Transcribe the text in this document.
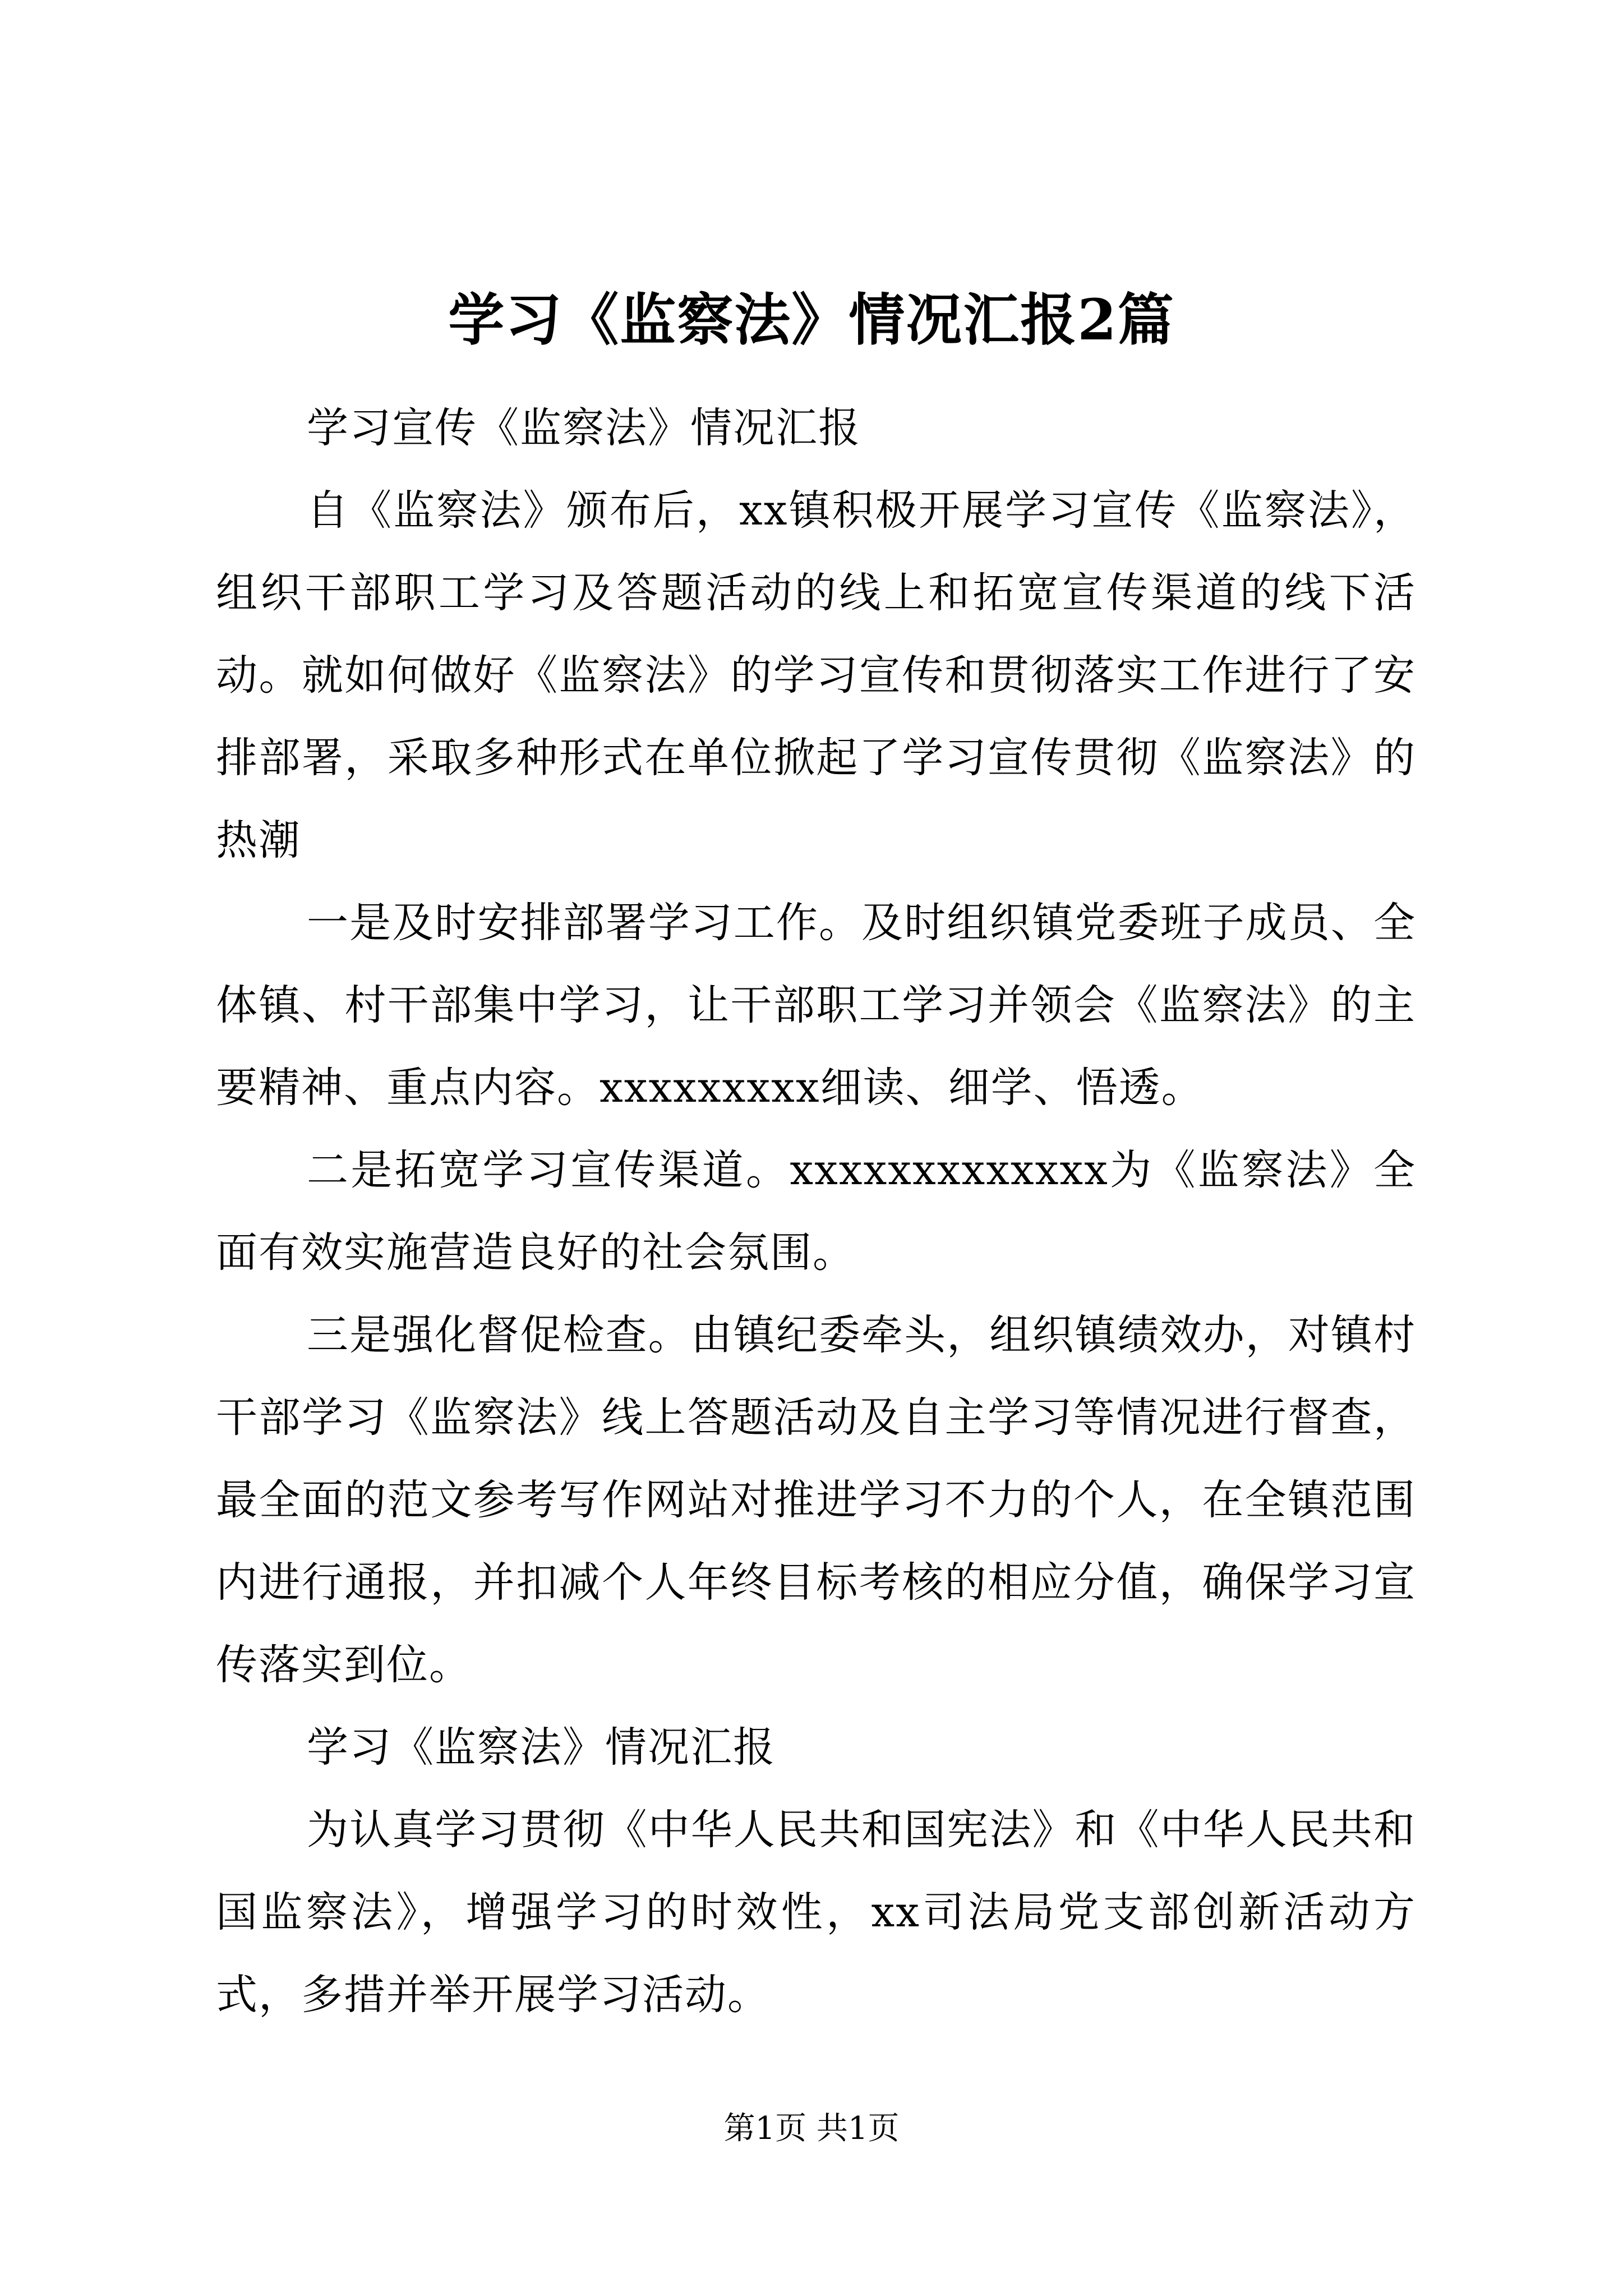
学习《监察法》情况汇报2篇

学习宣传《监察法》情况汇报

自《监察法》颁布后，xx镇积极开展学习宣传《监察法》，组织干部职工学习及答题活动的线上和拓宽宣传渠道的线下活动。就如何做好《监察法》的学习宣传和贯彻落实工作进行了安排部署，采取多种形式在单位掀起了学习宣传贯彻《监察法》的热潮

一是及时安排部署学习工作。及时组织镇党委班子成员、全体镇、村干部集中学习，让干部职工学习并领会《监察法》的主要精神、重点内容。xxxxxxxxx细读、细学、悟透。

二是拓宽学习宣传渠道。xxxxxxxxxxxxx为《监察法》全面有效实施营造良好的社会氛围。

三是强化督促检查。由镇纪委牵头，组织镇绩效办，对镇村干部学习《监察法》线上答题活动及自主学习等情况进行督查，最全面的范文参考写作网站对推进学习不力的个人，在全镇范围内进行通报，并扣减个人年终目标考核的相应分值，确保学习宣传落实到位。

学习《监察法》情况汇报

为认真学习贯彻《中华人民共和国宪法》和《中华人民共和国监察法》，增强学习的时效性，xx司法局党支部创新活动方式，多措并举开展学习活动。

第1页 共1页
